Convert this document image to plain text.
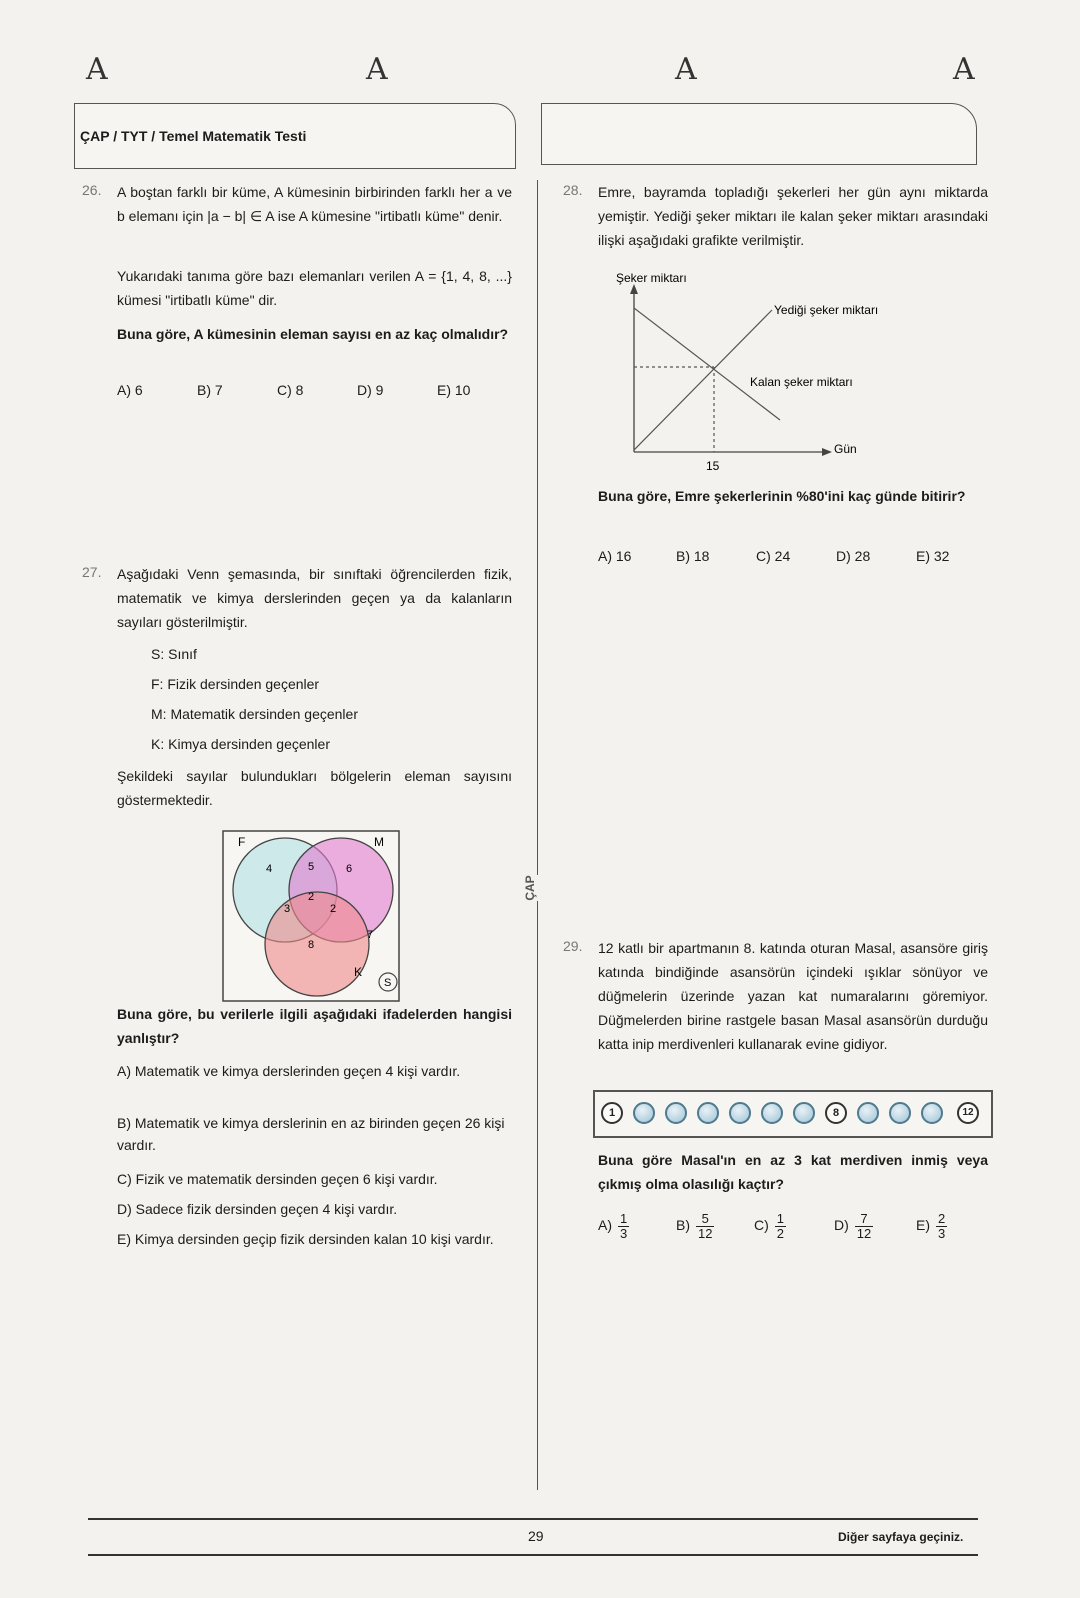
A	A	A	A
ÇAP / TYT / Temel Matematik Testi
ÇAP
26. A boştan farklı bir küme, A kümesinin birbirinden farklı her a ve b elemanı için |a − b| ∈ A ise A kümesine "irtibatlı küme" denir.
Yukarıdaki tanıma göre bazı elemanları verilen A = {1, 4, 8, ...} kümesi "irtibatlı küme" dir.
Buna göre, A kümesinin eleman sayısı en az kaç olmalıdır?
A) 6	B) 7	C) 8	D) 9	E) 10
27. Aşağıdaki Venn şemasında, bir sınıftaki öğrencilerden fizik, matematik ve kimya derslerinden geçen ya da kalanların sayıları gösterilmiştir.
S: Sınıf
F: Fizik dersinden geçenler
M: Matematik dersinden geçenler
K: Kimya dersinden geçenler
Şekildeki sayılar bulundukları bölgelerin eleman sayısını göstermektedir.
F	M
K
S
4	5	6
2
3	2
8
7
Buna göre, bu verilerle ilgili aşağıdaki ifadelerden hangisi yanlıştır?
A) Matematik ve kimya derslerinden geçen 4 kişi vardır.
B) Matematik ve kimya derslerinin en az birinden geçen 26 kişi vardır.
C) Fizik ve matematik dersinden geçen 6 kişi vardır.
D) Sadece fizik dersinden geçen 4 kişi vardır.
E) Kimya dersinden geçip fizik dersinden kalan 10 kişi vardır.
28. Emre, bayramda topladığı şekerleri her gün aynı miktarda yemiştir. Yediği şeker miktarı ile kalan şeker miktarı arasındaki ilişki aşağıdaki grafikte verilmiştir.
Şeker miktarı
Yediği şeker miktarı
Kalan şeker miktarı
Gün
15
Buna göre, Emre şekerlerinin %80'ini kaç günde bitirir?
A) 16	B) 18	C) 24	D) 28	E) 32
29. 12 katlı bir apartmanın 8. katında oturan Masal, asansöre giriş katında bindiğinde asansörün içindeki ışıklar sönüyor ve düğmelerin üzerinde yazan kat numaralarını göremiyor. Düğmelerden birine rastgele basan Masal asansörün durduğu katta inip merdivenleri kullanarak evine gidiyor.
1	8	12
Buna göre Masal'ın en az 3 kat merdiven inmiş veya çıkmış olma olasılığı kaçtır?
$A) \frac{1}{3}$	$B) \frac{5}{12}$	$C) \frac{1}{2}$	$D) \frac{7}{12}$	$E) \frac{2}{3}$
29	Diğer sayfaya geçiniz.
